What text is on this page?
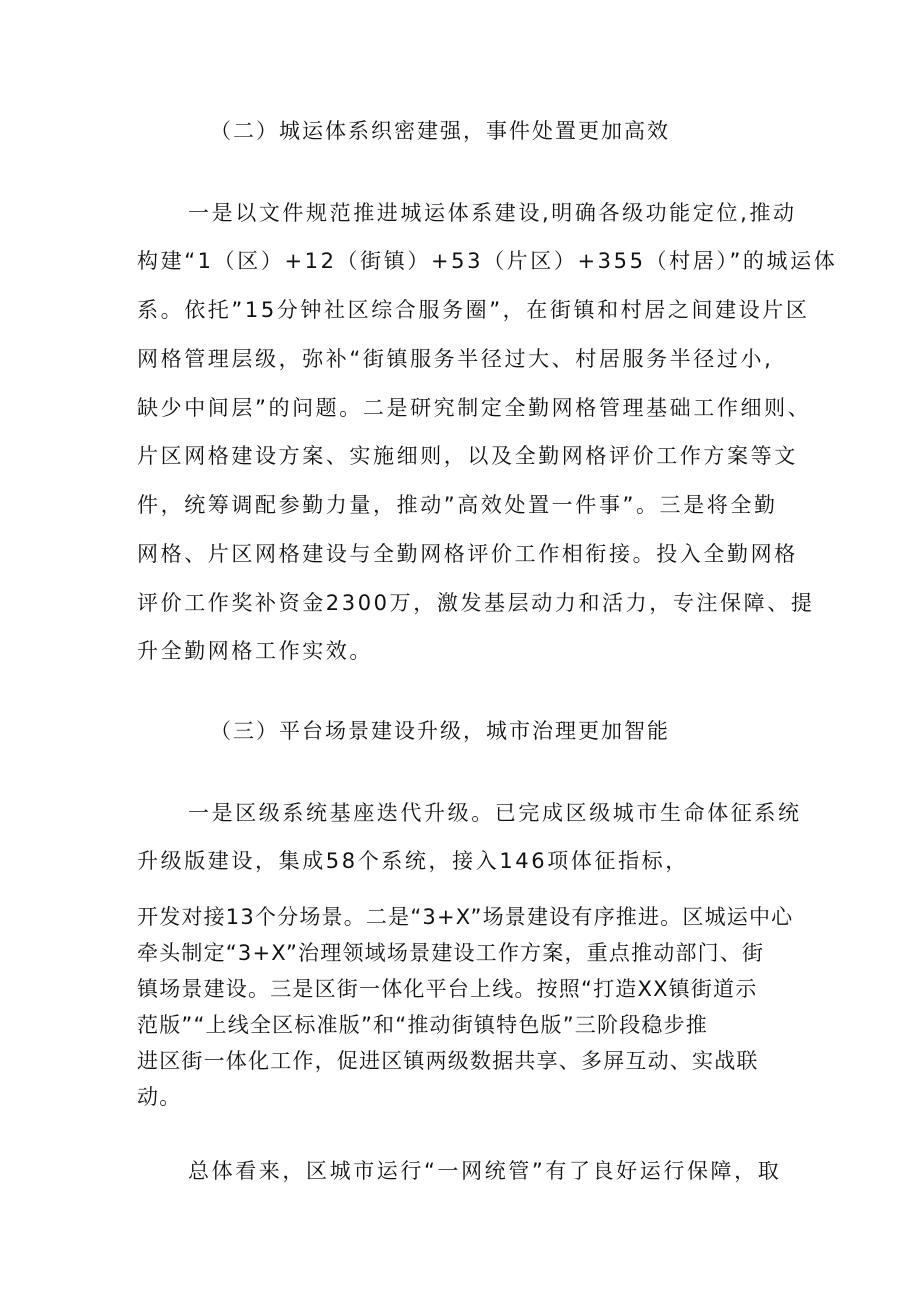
（二）城运体系织密建强，事件处置更加高效
一是以文件规范推进城运体系建设,明确各级功能定位,推动
构建“1（区）+12（街镇）+53（片区）+355（村居）”的城运体
系。依托”15分钟社区综合服务圈”，在街镇和村居之间建设片区
网格管理层级，弥补“街镇服务半径过大、村居服务半径过小,
缺少中间层”的问题。二是研究制定全勤网格管理基础工作细则、
片区网格建设方案、实施细则，以及全勤网格评价工作方案等文
件，统筹调配参勤力量，推动”高效处置一件事”。三是将全勤
网格、片区网格建设与全勤网格评价工作相衔接。投入全勤网格
评价工作奖补资金2300万，激发基层动力和活力，专注保障、提
升全勤网格工作实效。
（三）平台场景建设升级，城市治理更加智能
一是区级系统基座迭代升级。已完成区级城市生命体征系统
升级版建设，集成58个系统，接入146项体征指标，
开发对接13个分场景。二是“3+X”场景建设有序推进。区城运中心
牵头制定“3+X”治理领域场景建设工作方案，重点推动部门、街
镇场景建设。三是区街一体化平台上线。按照“打造XX镇街道示
范版”“上线全区标准版”和“推动街镇特色版”三阶段稳步推
进区街一体化工作，促进区镇两级数据共享、多屏互动、实战联
动。
总体看来，区城市运行“一网统管”有了良好运行保障，取
